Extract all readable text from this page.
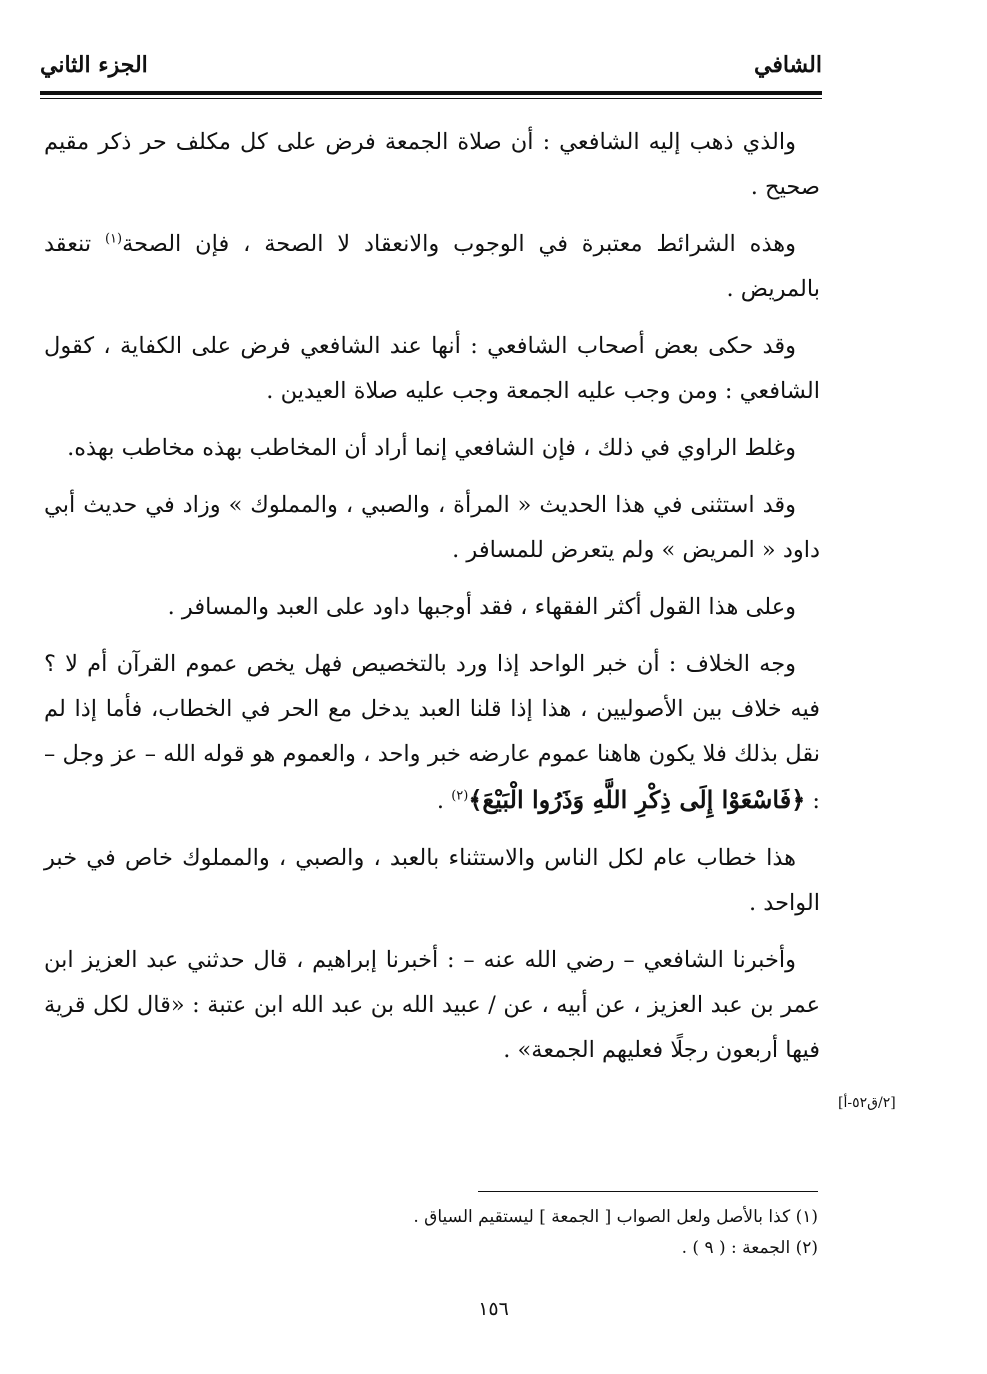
الشافي
الجزء الثاني

والذي ذهب إليه الشافعي : أن صلاة الجمعة فرض على كل مكلف حر ذكر مقيم صحيح .

وهذه الشرائط معتبرة في الوجوب والانعقاد لا الصحة ، فإن الصحة$^{(١)}$ تنعقد بالمريض .

وقد حكى بعض أصحاب الشافعي : أنها عند الشافعي فرض على الكفاية ، كقول الشافعي : ومن وجب عليه الجمعة وجب عليه صلاة العيدين .

وغلط الراوي في ذلك ، فإن الشافعي إنما أراد أن المخاطب بهذه مخاطب بهذه.

وقد استثنى في هذا الحديث « المرأة ، والصبي ، والمملوك » وزاد في حديث أبي داود « المريض » ولم يتعرض للمسافر .

وعلى هذا القول أكثر الفقهاء ، فقد أوجبها داود على العبد والمسافر .

وجه الخلاف : أن خبر الواحد إذا ورد بالتخصيص فهل يخص عموم القرآن أم لا ؟ فيه خلاف بين الأصوليين ، هذا إذا قلنا العبد يدخل مع الحر في الخطاب، فأما إذا لم نقل بذلك فلا يكون هاهنا عموم عارضه خبر واحد ، والعموم هو قوله الله – عز وجل – : ﴿فَاسْعَوْا إِلَى ذِكْرِ اللَّهِ وَذَرُوا الْبَيْعَ﴾$^{(٢)}$ .

هذا خطاب عام لكل الناس والاستثناء بالعبد ، والصبي ، والمملوك خاص في خبر الواحد .

وأخبرنا الشافعي – رضي الله عنه – : أخبرنا إبراهيم ، قال حدثني عبد العزيز ابن عمر بن عبد العزيز ، عن أبيه ، عن / عبيد الله بن عبد الله ابن عتبة : «قال لكل قرية فيها أربعون رجلًا فعليهم الجمعة» .

[٢/ق٥٢-أ]
(١) كذا بالأصل ولعل الصواب [ الجمعة ] ليستقيم السياق .
(٢) الجمعة : ( ٩ ) .
١٥٦
